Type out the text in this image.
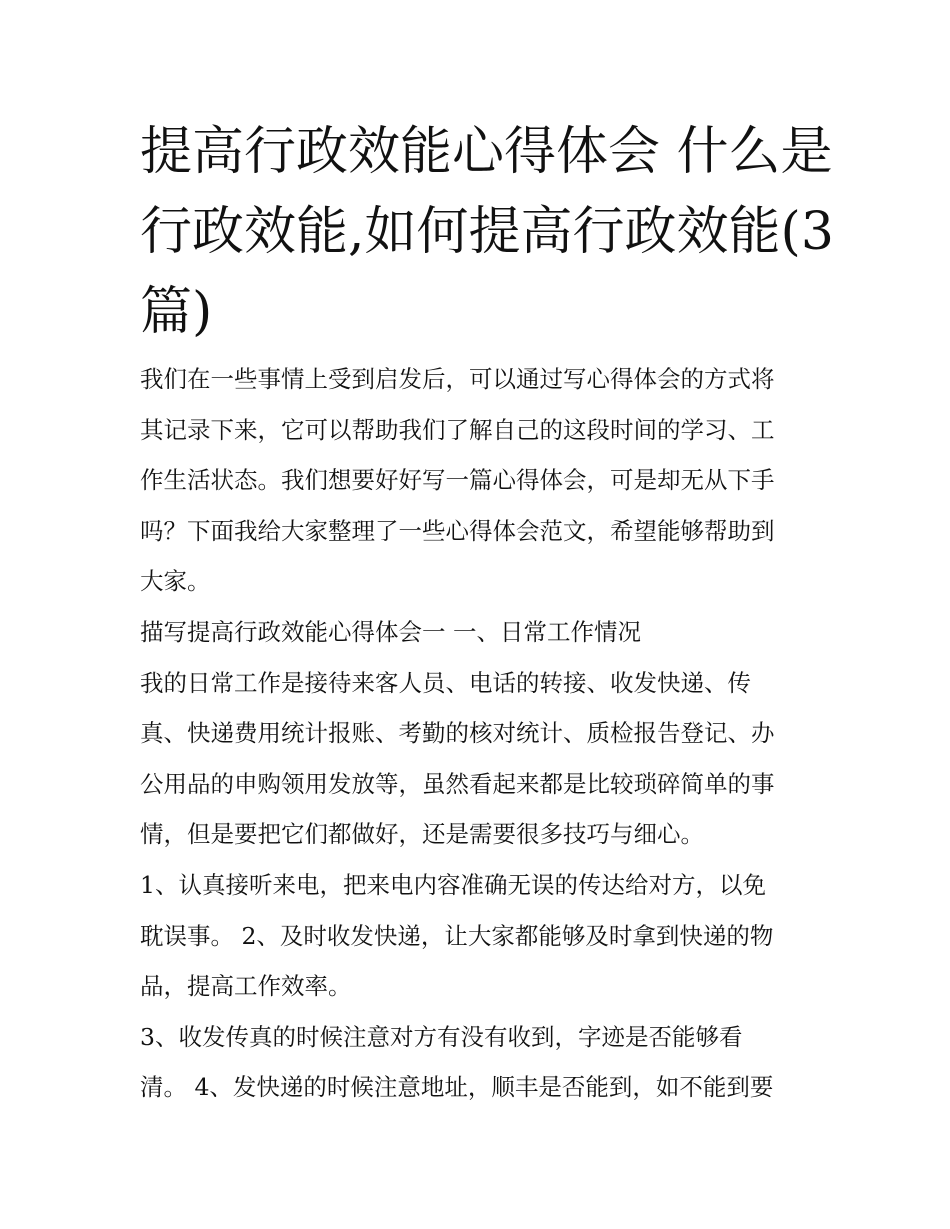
提高行政效能心得体会 什么是
行政效能,如何提高行政效能(3
篇)

我们在一些事情上受到启发后，可以通过写心得体会的方式将
其记录下来，它可以帮助我们了解自己的这段时间的学习、工
作生活状态。我们想要好好写一篇心得体会，可是却无从下手
吗？下面我给大家整理了一些心得体会范文，希望能够帮助到
大家。

描写提高行政效能心得体会一 一、日常工作情况

我的日常工作是接待来客人员、电话的转接、收发快递、传
真、快递费用统计报账、考勤的核对统计、质检报告登记、办
公用品的申购领用发放等，虽然看起来都是比较琐碎简单的事
情，但是要把它们都做好，还是需要很多技巧与细心。

1、认真接听来电，把来电内容准确无误的传达给对方，以免
耽误事。 2、及时收发快递，让大家都能够及时拿到快递的物
品，提高工作效率。

3、收发传真的时候注意对方有没有收到，字迹是否能够看
清。 4、发快递的时候注意地址，顺丰是否能到，如不能到要
